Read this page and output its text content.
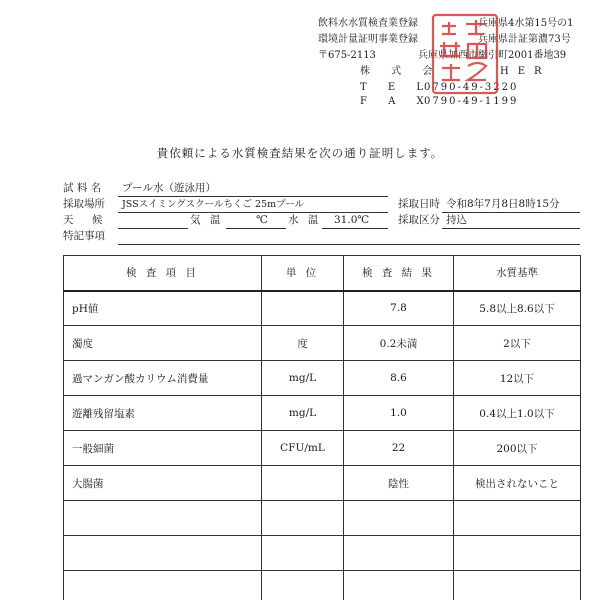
飲料水水質検査業登録	兵庫県4水第15号の1
環境計量証明事業登録	兵庫県計証第濃73号
〒675-2113	兵庫県加西市網引町2001番地39
株 式 会	HER
T E L
0790-49-3220
F A X
0790-49-1199
貴依頼による水質検査結果を次の通り証明します。
試 料 名 プール水（遊泳用）
採取場所 JSSスイミングスクールちくご 25mプール	採取日時 令和8年7月8日8時15分
天　候	気 温	℃ 水 温 31.0℃	採取区分 持込
特記事項
検 査 項 目	単 位	検 査 結 果	水質基準
pH値		7.8	5.8以上8.6以下
濁度	度	0.2未満	2以下
過マンガン酸カリウム消費量	mg/L	8.6	12以下
遊離残留塩素	mg/L	1.0	0.4以上1.0以下
一般細菌	CFU/mL	22	200以下
大腸菌		陰性	検出されないこと
